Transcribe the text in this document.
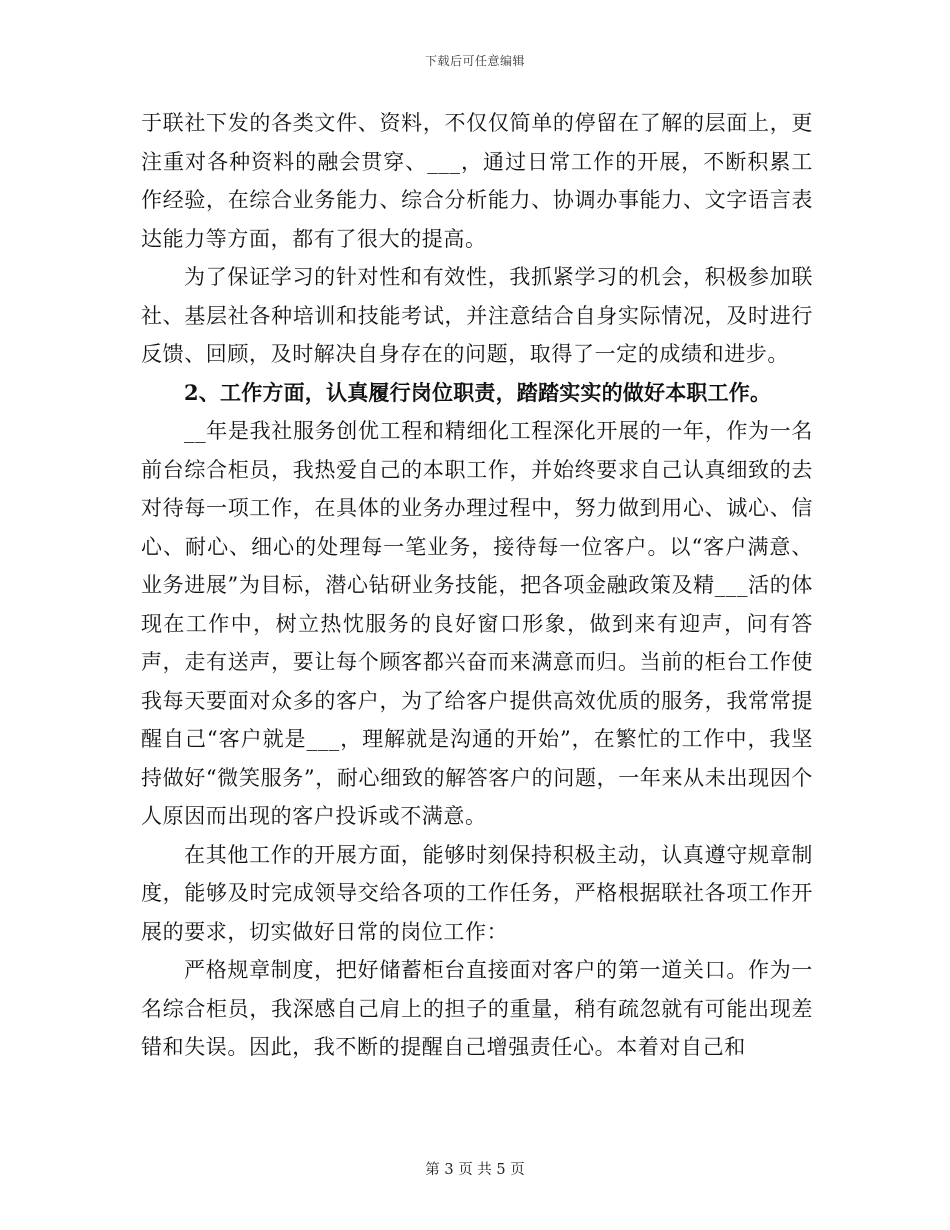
下载后可任意编辑

于联社下发的各类文件、资料，不仅仅简单的停留在了解的层面上，更注重对各种资料的融会贯穿、___，通过日常工作的开展，不断积累工作经验，在综合业务能力、综合分析能力、协调办事能力、文字语言表达能力等方面，都有了很大的提高。

为了保证学习的针对性和有效性，我抓紧学习的机会，积极参加联社、基层社各种培训和技能考试，并注意结合自身实际情况，及时进行反馈、回顾，及时解决自身存在的问题，取得了一定的成绩和进步。

2、工作方面，认真履行岗位职责，踏踏实实的做好本职工作。

__年是我社服务创优工程和精细化工程深化开展的一年，作为一名前台综合柜员，我热爱自己的本职工作，并始终要求自己认真细致的去对待每一项工作，在具体的业务办理过程中，努力做到用心、诚心、信心、耐心、细心的处理每一笔业务，接待每一位客户。以“客户满意、业务进展”为目标，潜心钻研业务技能，把各项金融政策及精___活的体现在工作中，树立热忱服务的良好窗口形象，做到来有迎声，问有答声，走有送声，要让每个顾客都兴奋而来满意而归。当前的柜台工作使我每天要面对众多的客户，为了给客户提供高效优质的服务，我常常提醒自己“客户就是___，理解就是沟通的开始”，在繁忙的工作中，我坚持做好“微笑服务”，耐心细致的解答客户的问题，一年来从未出现因个人原因而出现的客户投诉或不满意。

在其他工作的开展方面，能够时刻保持积极主动，认真遵守规章制度，能够及时完成领导交给各项的工作任务，严格根据联社各项工作开展的要求，切实做好日常的岗位工作：

严格规章制度，把好储蓄柜台直接面对客户的第一道关口。作为一名综合柜员，我深感自己肩上的担子的重量，稍有疏忽就有可能出现差错和失误。因此，我不断的提醒自己增强责任心。本着对自己和

第 3 页 共 5 页
